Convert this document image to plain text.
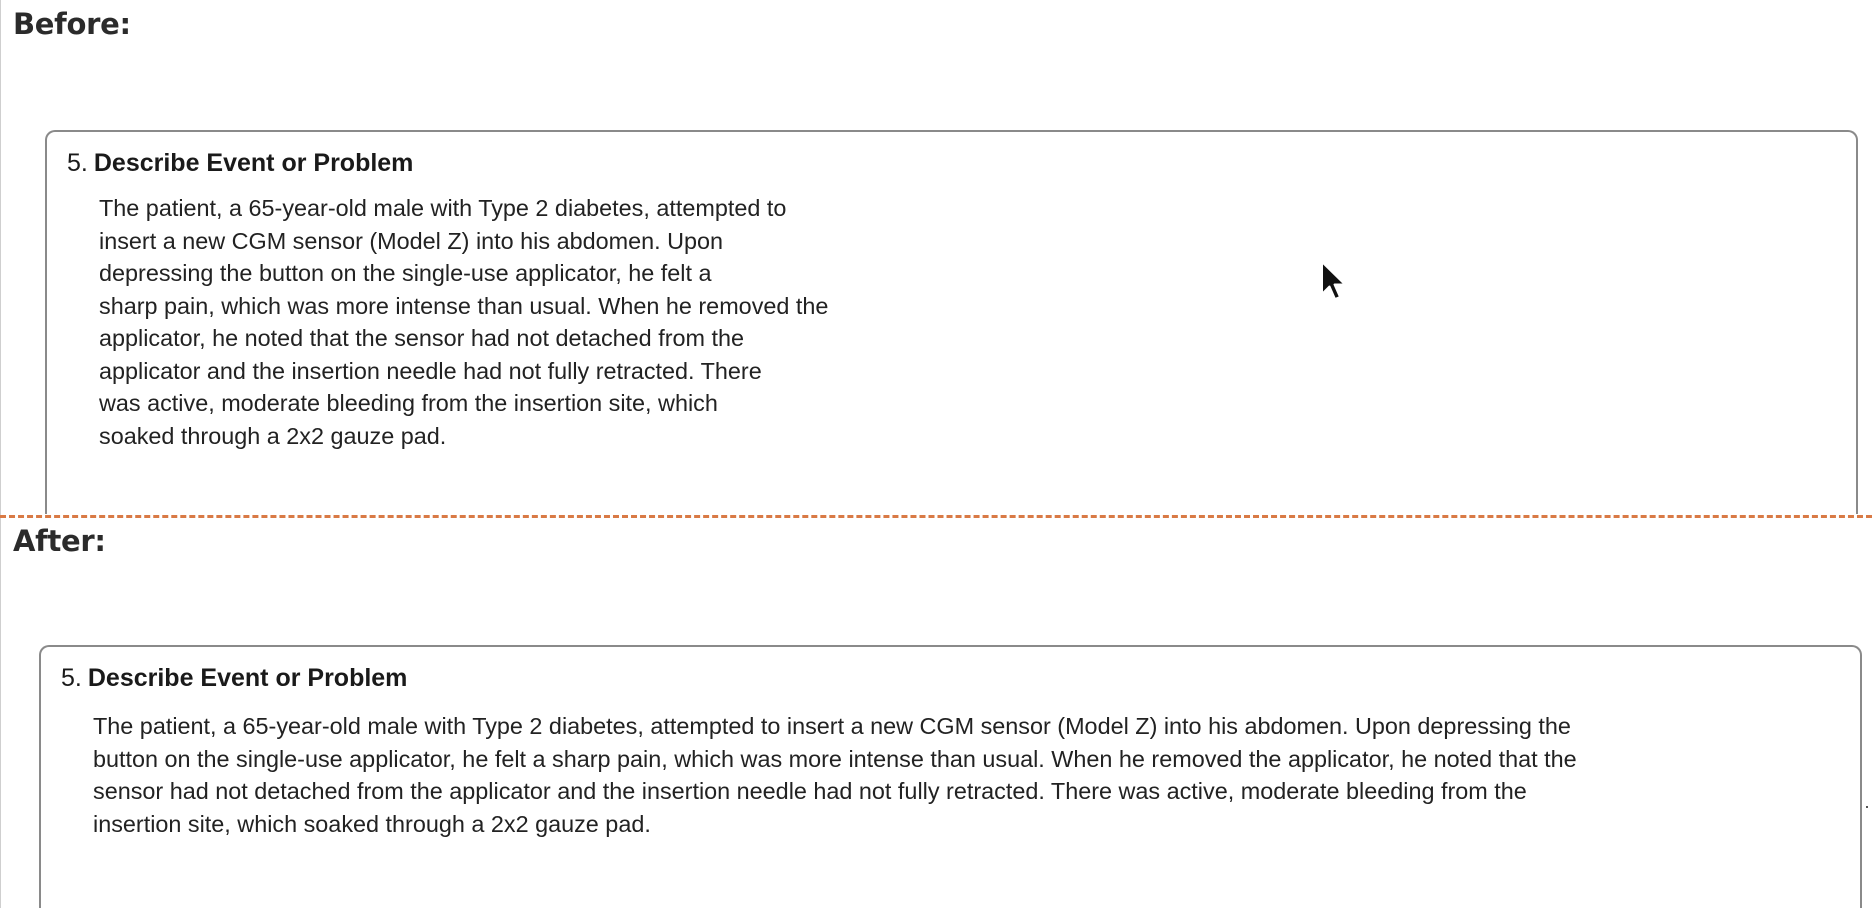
Before:
5. Describe Event or Problem
The patient, a 65-year-old male with Type 2 diabetes, attempted to
insert a new CGM sensor (Model Z) into his abdomen. Upon
depressing the button on the single-use applicator, he felt a
sharp pain, which was more intense than usual. When he removed the
applicator, he noted that the sensor had not detached from the
applicator and the insertion needle had not fully retracted. There
was active, moderate bleeding from the insertion site, which
soaked through a 2x2 gauze pad.
After:
5. Describe Event or Problem
The patient, a 65-year-old male with Type 2 diabetes, attempted to insert a new CGM sensor (Model Z) into his abdomen. Upon depressing the
button on the single-use applicator, he felt a sharp pain, which was more intense than usual. When he removed the applicator, he noted that the
sensor had not detached from the applicator and the insertion needle had not fully retracted. There was active, moderate bleeding from the
insertion site, which soaked through a 2x2 gauze pad.
